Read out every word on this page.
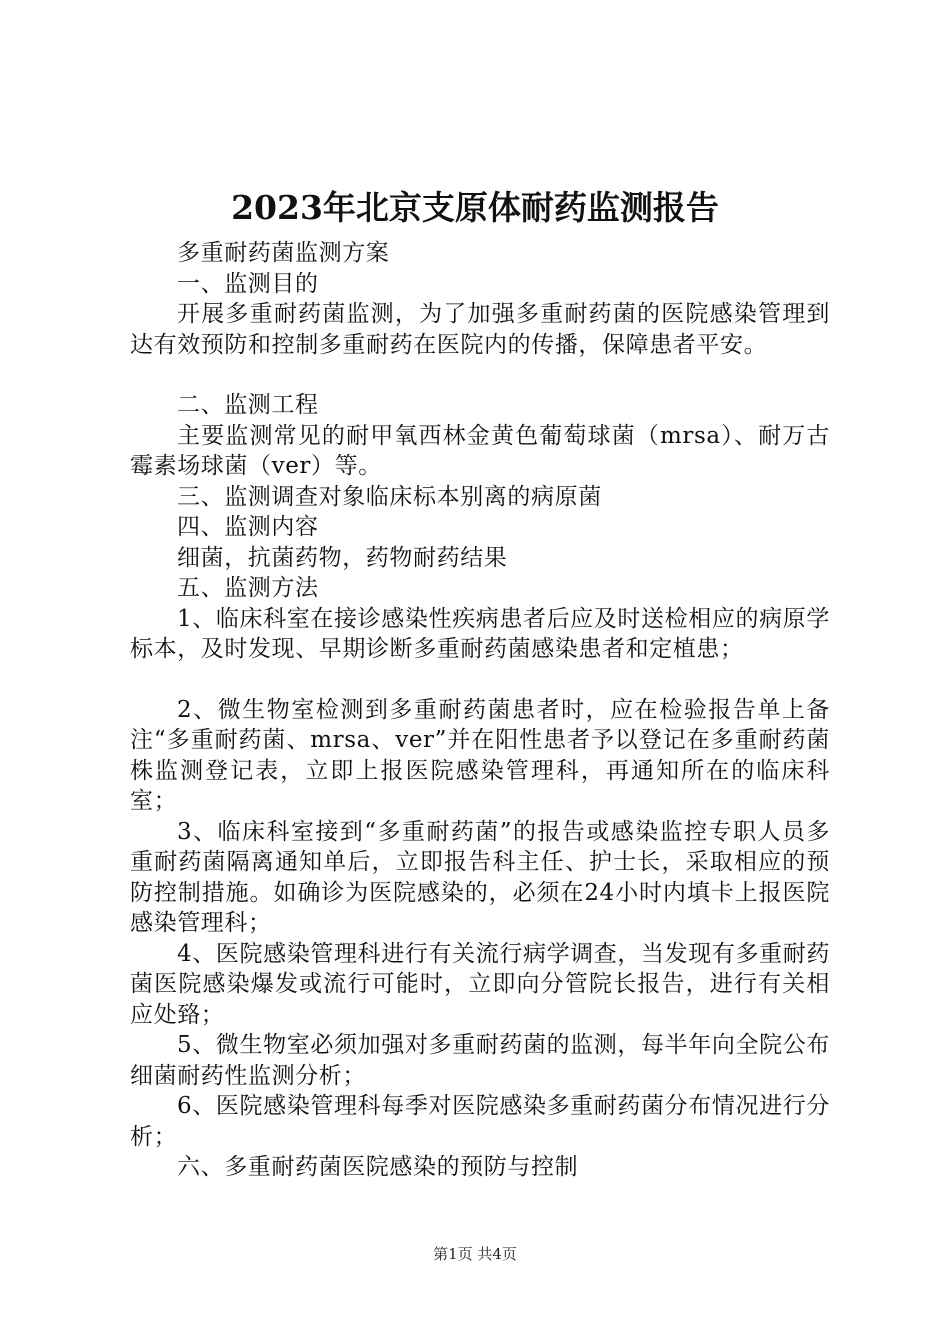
2023年北京支原体耐药监测报告

多重耐药菌监测方案

一、监测目的

开展多重耐药菌监测，为了加强多重耐药菌的医院感染管理到达有效预防和控制多重耐药在医院内的传播，保障患者平安。

二、监测工程

主要监测常见的耐甲氧西林金黄色葡萄球菌（mrsa）、耐万古霉素场球菌（ver）等。

三、监测调查对象临床标本别离的病原菌

四、监测内容

细菌，抗菌药物，药物耐药结果

五、监测方法

1、临床科室在接诊感染性疾病患者后应及时送检相应的病原学标本，及时发现、早期诊断多重耐药菌感染患者和定植患；

2、微生物室检测到多重耐药菌患者时，应在检验报告单上备注“多重耐药菌、mrsa、ver”并在阳性患者予以登记在多重耐药菌株监测登记表，立即上报医院感染管理科，再通知所在的临床科室；

3、临床科室接到“多重耐药菌”的报告或感染监控专职人员多重耐药菌隔离通知单后，立即报告科主任、护士长，采取相应的预防控制措施。如确诊为医院感染的，必须在24小时内填卡上报医院感染管理科；

4、医院感染管理科进行有关流行病学调查，当发现有多重耐药菌医院感染爆发或流行可能时，立即向分管院长报告，进行有关相应处臵；

5、微生物室必须加强对多重耐药菌的监测，每半年向全院公布细菌耐药性监测分析；

6、医院感染管理科每季对医院感染多重耐药菌分布情况进行分析；

六、多重耐药菌医院感染的预防与控制

第1页 共4页
